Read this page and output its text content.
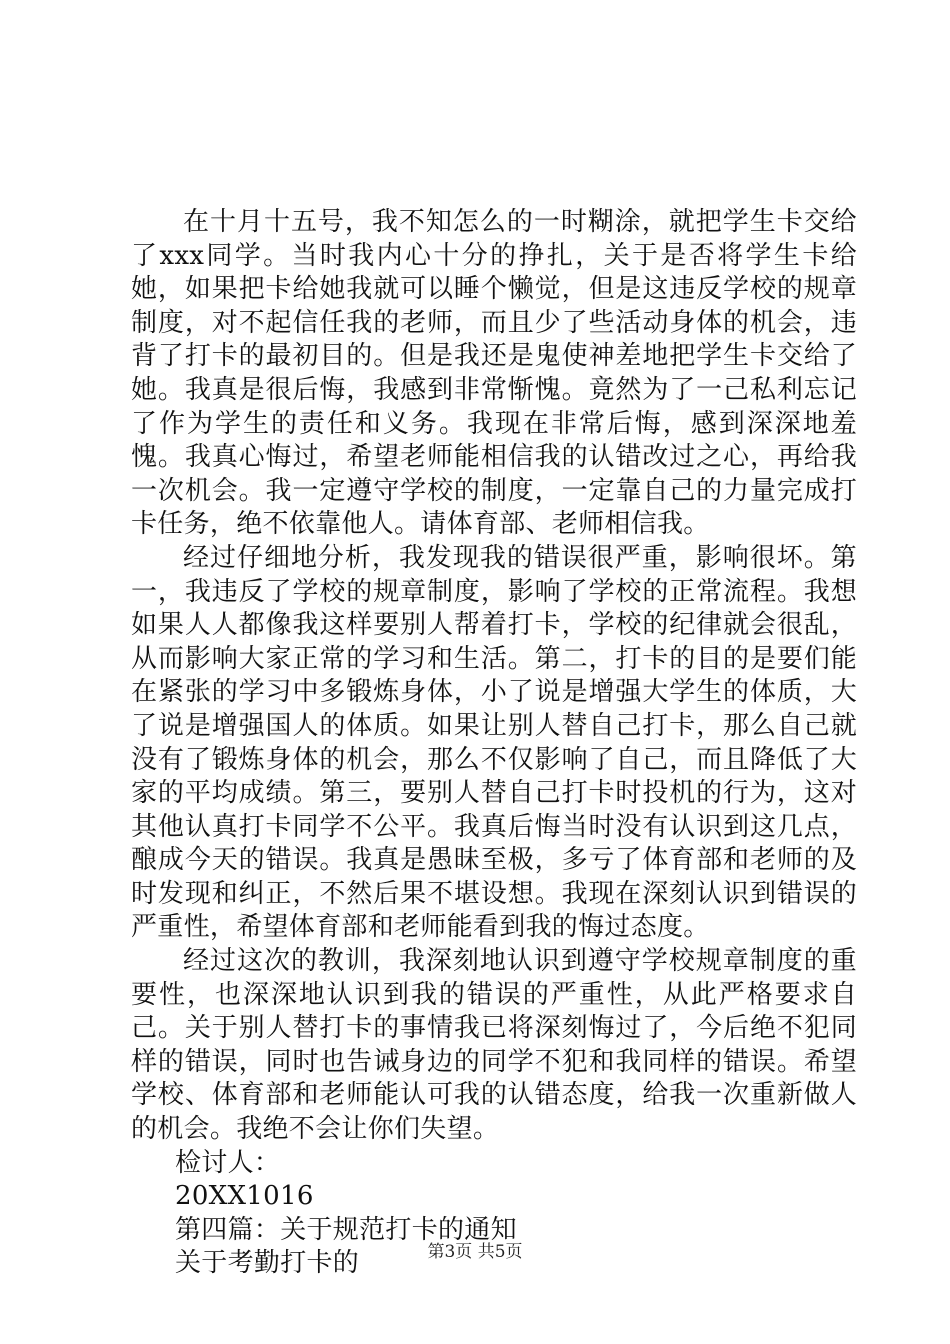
在十月十五号，我不知怎么的一时糊涂，就把学生卡交给了xxx同学。当时我内心十分的挣扎，关于是否将学生卡给她，如果把卡给她我就可以睡个懒觉，但是这违反学校的规章制度，对不起信任我的老师，而且少了些活动身体的机会，违背了打卡的最初目的。但是我还是鬼使神差地把学生卡交给了她。我真是很后悔，我感到非常惭愧。竟然为了一己私利忘记了作为学生的责任和义务。我现在非常后悔，感到深深地羞愧。我真心悔过，希望老师能相信我的认错改过之心，再给我一次机会。我一定遵守学校的制度，一定靠自己的力量完成打卡任务，绝不依靠他人。请体育部、老师相信我。

经过仔细地分析，我发现我的错误很严重，影响很坏。第一，我违反了学校的规章制度，影响了学校的正常流程。我想如果人人都像我这样要别人帮着打卡，学校的纪律就会很乱，从而影响大家正常的学习和生活。第二，打卡的目的是要们能在紧张的学习中多锻炼身体，小了说是增强大学生的体质，大了说是增强国人的体质。如果让别人替自己打卡，那么自己就没有了锻炼身体的机会，那么不仅影响了自己，而且降低了大家的平均成绩。第三，要别人替自己打卡时投机的行为，这对其他认真打卡同学不公平。我真后悔当时没有认识到这几点，酿成今天的错误。我真是愚昧至极，多亏了体育部和老师的及时发现和纠正，不然后果不堪设想。我现在深刻认识到错误的严重性，希望体育部和老师能看到我的悔过态度。

经过这次的教训，我深刻地认识到遵守学校规章制度的重要性，也深深地认识到我的错误的严重性，从此严格要求自己。关于别人替打卡的事情我已将深刻悔过了，今后绝不犯同样的错误，同时也告诫身边的同学不犯和我同样的错误。希望学校、体育部和老师能认可我的认错态度，给我一次重新做人的机会。我绝不会让你们失望。

检讨人：

20XX1016

第四篇：关于规范打卡的通知

关于考勤打卡的	第3页 共5页
